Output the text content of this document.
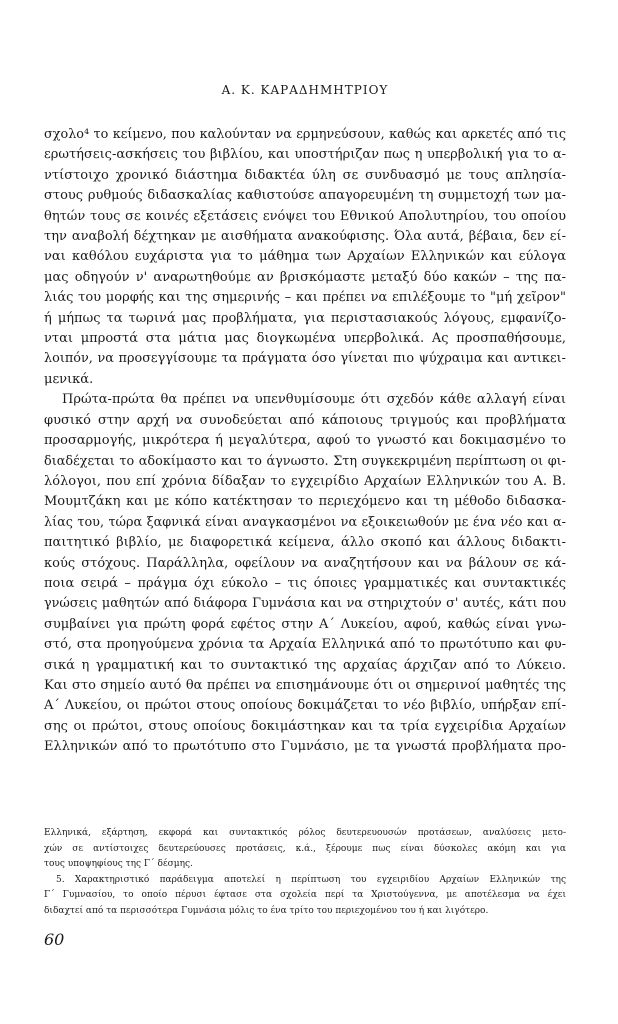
Α. Κ. ΚΑΡΑΔΗΜΗΤΡΙΟΥ
σχολο⁴ το κείμενο, που καλούνταν να ερμηνεύσουν, καθώς και αρκετές από τις
ερωτήσεις-ασκήσεις του βιβλίου, και υποστήριζαν πως η υπερβολική για το α-
ντίστοιχο χρονικό διάστημα διδακτέα ύλη σε συνδυασμό με τους απλησία-
στους ρυθμούς διδασκαλίας καθιστούσε απαγορευμένη τη συμμετοχή των μα-
θητών τους σε κοινές εξετάσεις ενόψει του Εθνικού Απολυτηρίου, του οποίου
την αναβολή δέχτηκαν με αισθήματα ανακούφισης. Όλα αυτά, βέβαια, δεν εί-
ναι καθόλου ευχάριστα για το μάθημα των Αρχαίων Ελληνικών και εύλογα
μας οδηγούν ν' αναρωτηθούμε αν βρισκόμαστε μεταξύ δύο κακών – της πα-
λιάς του μορφής και της σημερινής – και πρέπει να επιλέξουμε το "μή χεῖρον"
ή μήπως τα τωρινά μας προβλήματα, για περιστασιακούς λόγους, εμφανίζο-
νται μπροστά στα μάτια μας διογκωμένα υπερβολικά. Ας προσπαθήσουμε,
λοιπόν, να προσεγγίσουμε τα πράγματα όσο γίνεται πιο ψύχραιμα και αντικει-
μενικά.
Πρώτα-πρώτα θα πρέπει να υπενθυμίσουμε ότι σχεδόν κάθε αλλαγή είναι
φυσικό στην αρχή να συνοδεύεται από κάποιους τριγμούς και προβλήματα
προσαρμογής, μικρότερα ή μεγαλύτερα, αφού το γνωστό και δοκιμασμένο το
διαδέχεται το αδοκίμαστο και το άγνωστο. Στη συγκεκριμένη περίπτωση οι φι-
λόλογοι, που επί χρόνια δίδαξαν το εγχειρίδιο Αρχαίων Ελληνικών του Α. Β.
Μουμτζάκη και με κόπο κατέκτησαν το περιεχόμενο και τη μέθοδο διδασκα-
λίας του, τώρα ξαφνικά είναι αναγκασμένοι να εξοικειωθούν με ένα νέο και α-
παιτητικό βιβλίο, με διαφορετικά κείμενα, άλλο σκοπό και άλλους διδακτι-
κούς στόχους. Παράλληλα, οφείλουν να αναζητήσουν και να βάλουν σε κά-
ποια σειρά – πράγμα όχι εύκολο – τις όποιες γραμματικές και συντακτικές
γνώσεις μαθητών από διάφορα Γυμνάσια και να στηριχτούν σ' αυτές, κάτι που
συμβαίνει για πρώτη φορά εφέτος στην Α΄ Λυκείου, αφού, καθώς είναι γνω-
στό, στα προηγούμενα χρόνια τα Αρχαία Ελληνικά από το πρωτότυπο και φυ-
σικά η γραμματική και το συντακτικό της αρχαίας άρχιζαν από το Λύκειο.
Και στο σημείο αυτό θα πρέπει να επισημάνουμε ότι οι σημερινοί μαθητές της
Α΄ Λυκείου, οι πρώτοι στους οποίους δοκιμάζεται το νέο βιβλίο, υπήρξαν επί-
σης οι πρώτοι, στους οποίους δοκιμάστηκαν και τα τρία εγχειρίδια Αρχαίων
Ελληνικών από το πρωτότυπο στο Γυμνάσιο, με τα γνωστά προβλήματα προ-
Ελληνικά, εξάρτηση, εκφορά και συντακτικός ρόλος δευτερευουσών προτάσεων, αναλύσεις μετο-
χών σε αντίστοιχες δευτερεύουσες προτάσεις, κ.ά., ξέρουμε πως είναι δύσκολες ακόμη και για
τους υποψηφίους της Γ΄ δέσμης.
5. Χαρακτηριστικό παράδειγμα αποτελεί η περίπτωση του εγχειριδίου Αρχαίων Ελληνικών της
Γ΄ Γυμνασίου, το οποίο πέρυσι έφτασε στα σχολεία περί τα Χριστούγεννα, με αποτέλεσμα να έχει
διδαχτεί από τα περισσότερα Γυμνάσια μόλις το ένα τρίτο του περιεχομένου του ή και λιγότερο.
60
